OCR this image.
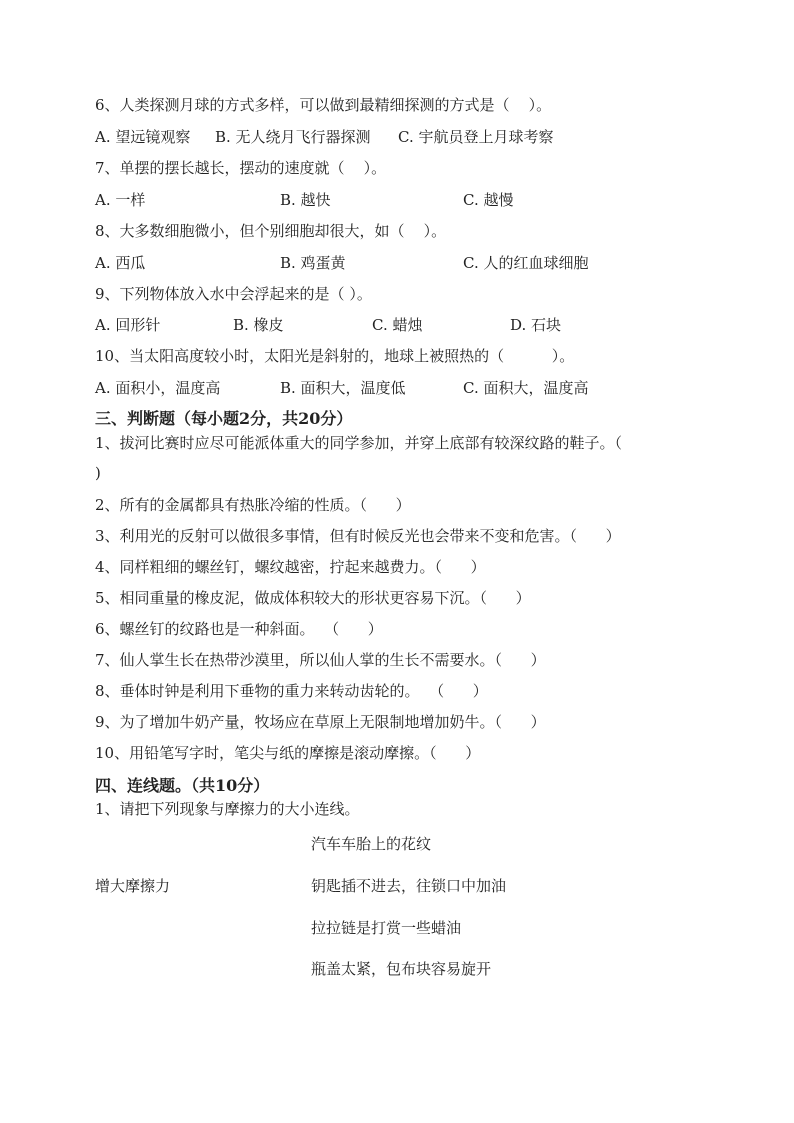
6、人类探测月球的方式多样，可以做到最精细探测的方式是（    ）。
A. 望远镜观察 B. 无人绕月飞行器探测 C. 宇航员登上月球考察
7、单摆的摆长越长，摆动的速度就（    ）。
A. 一样	B. 越快	C. 越慢
8、大多数细胞微小，但个别细胞却很大，如（    ）。
A. 西瓜	B. 鸡蛋黄	C. 人的红血球细胞
9、下列物体放入水中会浮起来的是（ ）。
A. 回形针	B. 橡皮	C. 蜡烛	D. 石块
10、当太阳高度较小时，太阳光是斜射的，地球上被照热的（          ）。
A. 面积小，温度高	B. 面积大，温度低	C. 面积大，温度高
三、判断题（每小题2分，共20分）
1、拔河比赛时应尽可能派体重大的同学参加，并穿上底部有较深纹路的鞋子。（
)
2、所有的金属都具有热胀冷缩的性质。（      ）
3、利用光的反射可以做很多事情，但有时候反光也会带来不变和危害。（      ）
4、同样粗细的螺丝钉，螺纹越密，拧起来越费力。（      ）
5、相同重量的橡皮泥，做成体积较大的形状更容易下沉。（      ）
6、螺丝钉的纹路也是一种斜面。  （      ）
7、仙人掌生长在热带沙漠里，所以仙人掌的生长不需要水。（      ）
8、垂体时钟是利用下垂物的重力来转动齿轮的。  （      ）
9、为了增加牛奶产量，牧场应在草原上无限制地增加奶牛。（      ）
10、用铅笔写字时，笔尖与纸的摩擦是滚动摩擦。（      ）
四、连线题。（共10分）
1、请把下列现象与摩擦力的大小连线。
增大摩擦力
汽车车胎上的花纹
钥匙插不进去，往锁口中加油
拉拉链是打赏一些蜡油
瓶盖太紧，包布块容易旋开
